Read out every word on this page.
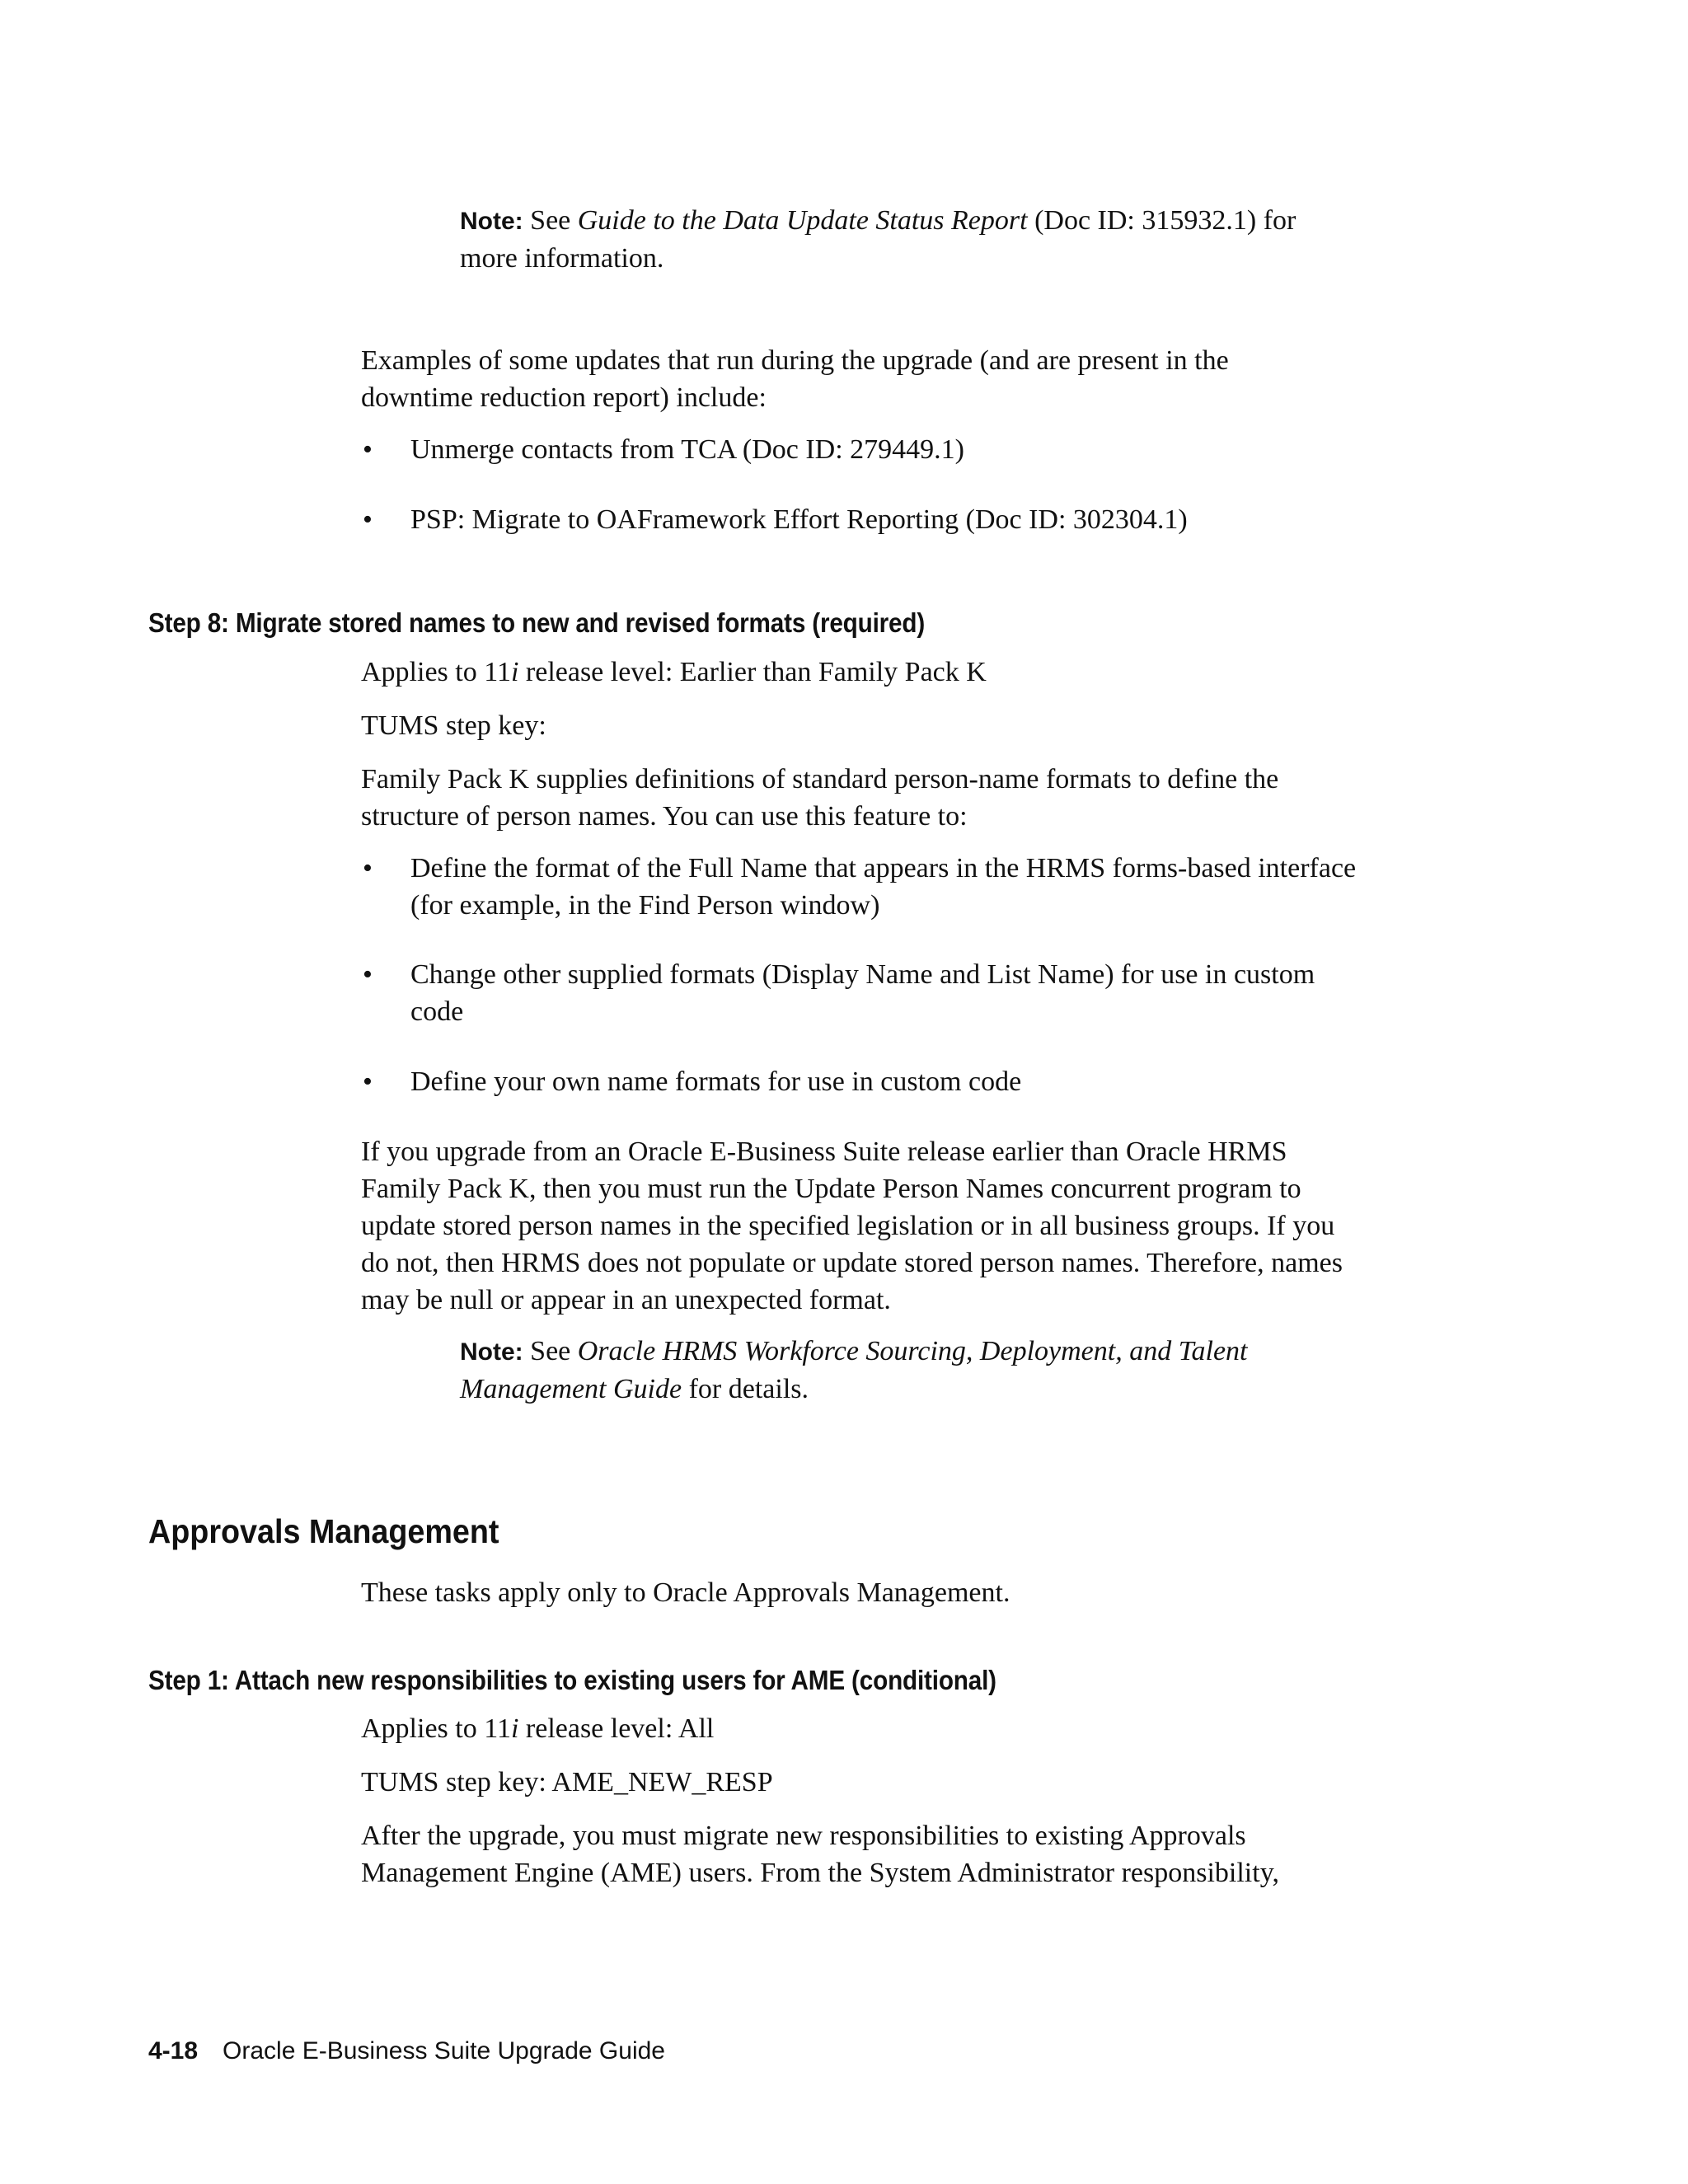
Note: See Guide to the Data Update Status Report (Doc ID: 315932.1) for

more information.

Examples of some updates that run during the upgrade (and are present in the

downtime reduction report) include:

• Unmerge contacts from TCA (Doc ID: 279449.1)
• PSP: Migrate to OAFramework Effort Reporting (Doc ID: 302304.1)
Step 8: Migrate stored names to new and revised formats (required)

Applies to 11i release level: Earlier than Family Pack K

TUMS step key:

Family Pack K supplies definitions of standard person-name formats to define the

structure of person names. You can use this feature to:

• Define the format of the Full Name that appears in the HRMS forms-based interface

(for example, in the Find Person window)

• Change other supplied formats (Display Name and List Name) for use in custom

code

• Define your own name formats for use in custom code

If you upgrade from an Oracle E-Business Suite release earlier than Oracle HRMS

Family Pack K, then you must run the Update Person Names concurrent program to

update stored person names in the specified legislation or in all business groups. If you

do not, then HRMS does not populate or update stored person names. Therefore, names

may be null or appear in an unexpected format.

Note: See Oracle HRMS Workforce Sourcing, Deployment, and Talent

Management Guide for details.

Approvals Management
These tasks apply only to Oracle Approvals Management.
Step 1: Attach new responsibilities to existing users for AME (conditional)

Applies to 11i release level: All

TUMS step key: AME_NEW_RESP

After the upgrade, you must migrate new responsibilities to existing Approvals

Management Engine (AME) users. From the System Administrator responsibility,

4-18 Oracle E-Business Suite Upgrade Guide
